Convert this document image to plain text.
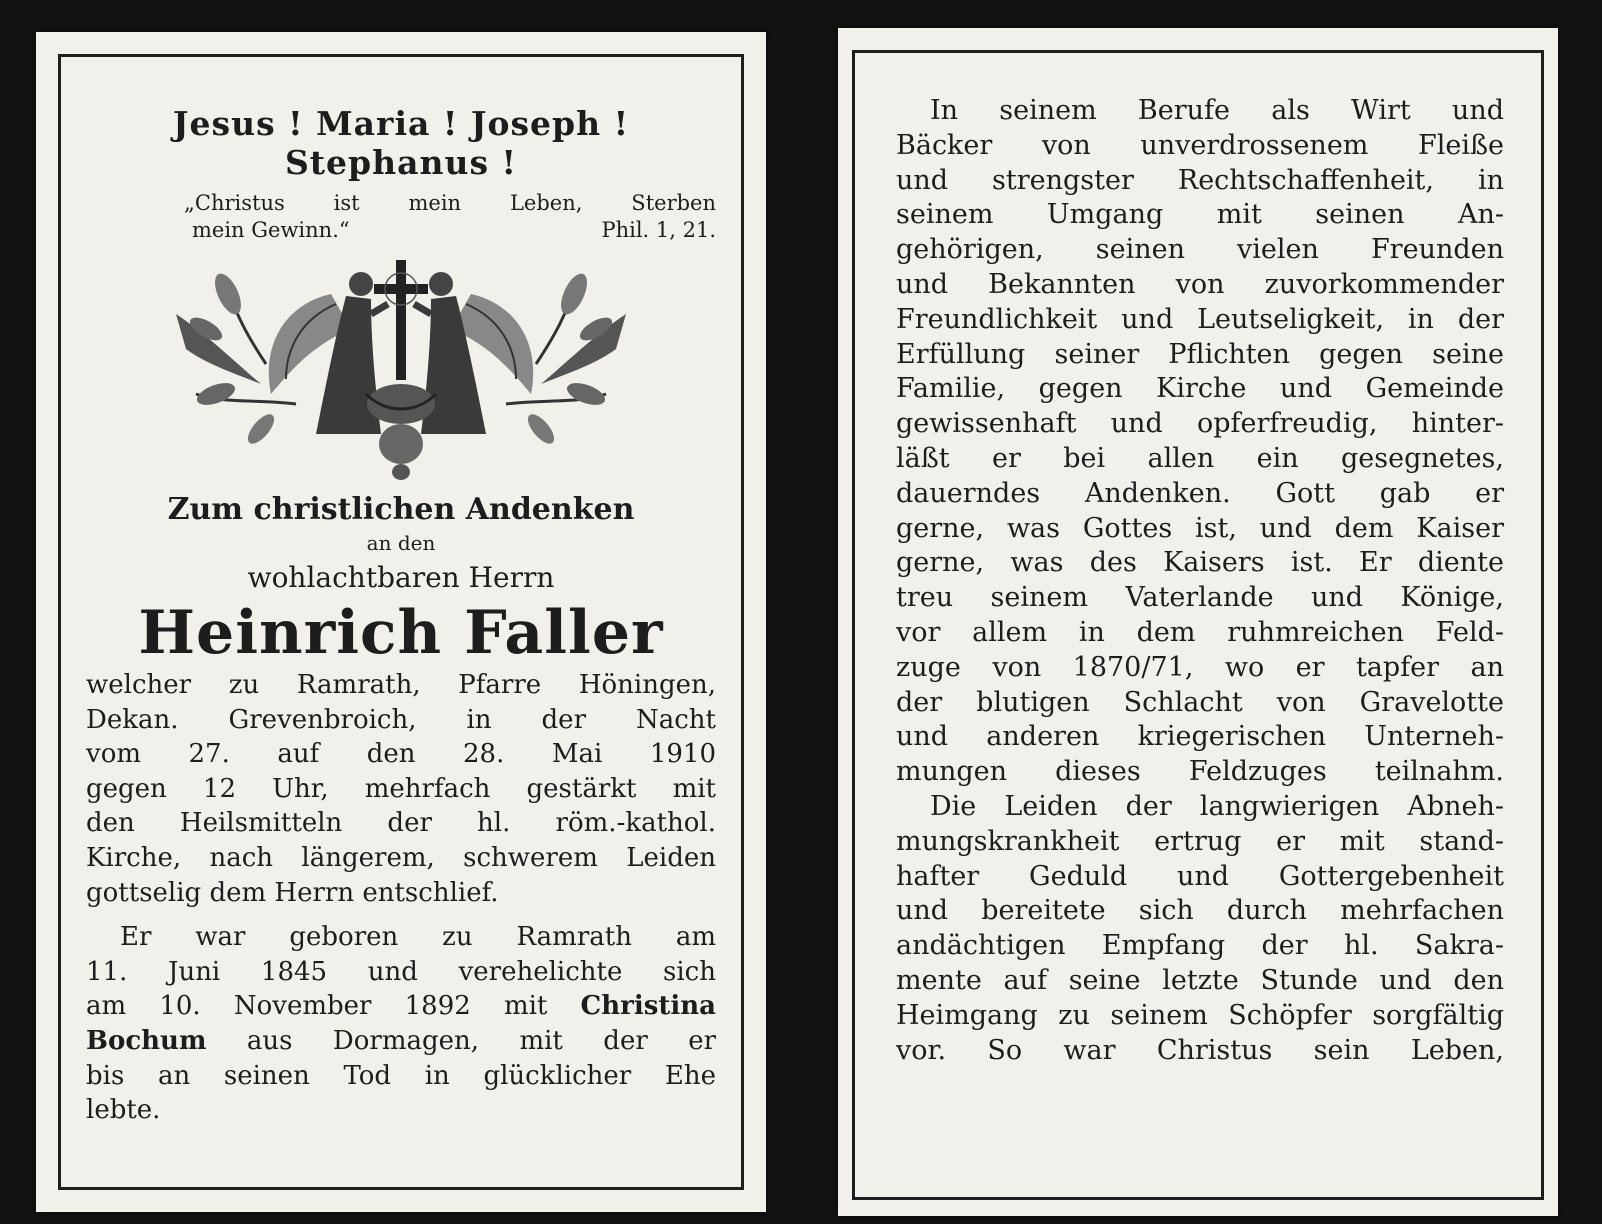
Jesus ! Maria ! Joseph ! Stephanus !
„Christus ist mein Leben, Sterben
mein Gewinn.“	Phil. 1, 21.
Zum christlichen Andenken
an den
wohlachtbaren Herrn
Heinrich Faller
welcher zu Ramrath, Pfarre Höningen,
Dekan. Grevenbroich, in der Nacht
vom 27. auf den 28. Mai 1910
gegen 12 Uhr, mehrfach gestärkt mit
den Heilsmitteln der hl. röm.-kathol.
Kirche, nach längerem, schwerem Leiden
gottselig dem Herrn entschlief.
Er war geboren zu Ramrath am
11. Juni 1845 und verehelichte sich
am 10. November 1892 mit Christina
Bochum aus Dormagen, mit der er
bis an seinen Tod in glücklicher Ehe
lebte.
In seinem Berufe als Wirt und
Bäcker von unverdrossenem Fleiße
und strengster Rechtschaffenheit, in
seinem Umgang mit seinen An-
gehörigen, seinen vielen Freunden
und Bekannten von zuvorkommender
Freundlichkeit und Leutseligkeit, in der
Erfüllung seiner Pflichten gegen seine
Familie, gegen Kirche und Gemeinde
gewissenhaft und opferfreudig, hinter-
läßt er bei allen ein gesegnetes,
dauerndes Andenken. Gott gab er
gerne, was Gottes ist, und dem Kaiser
gerne, was des Kaisers ist. Er diente
treu seinem Vaterlande und Könige,
vor allem in dem ruhmreichen Feld-
zuge von 1870/71, wo er tapfer an
der blutigen Schlacht von Gravelotte
und anderen kriegerischen Unterneh-
mungen dieses Feldzuges teilnahm.
Die Leiden der langwierigen Abneh-
mungskrankheit ertrug er mit stand-
hafter Geduld und Gottergebenheit
und bereitete sich durch mehrfachen
andächtigen Empfang der hl. Sakra-
mente auf seine letzte Stunde und den
Heimgang zu seinem Schöpfer sorgfältig
vor. So war Christus sein Leben,
